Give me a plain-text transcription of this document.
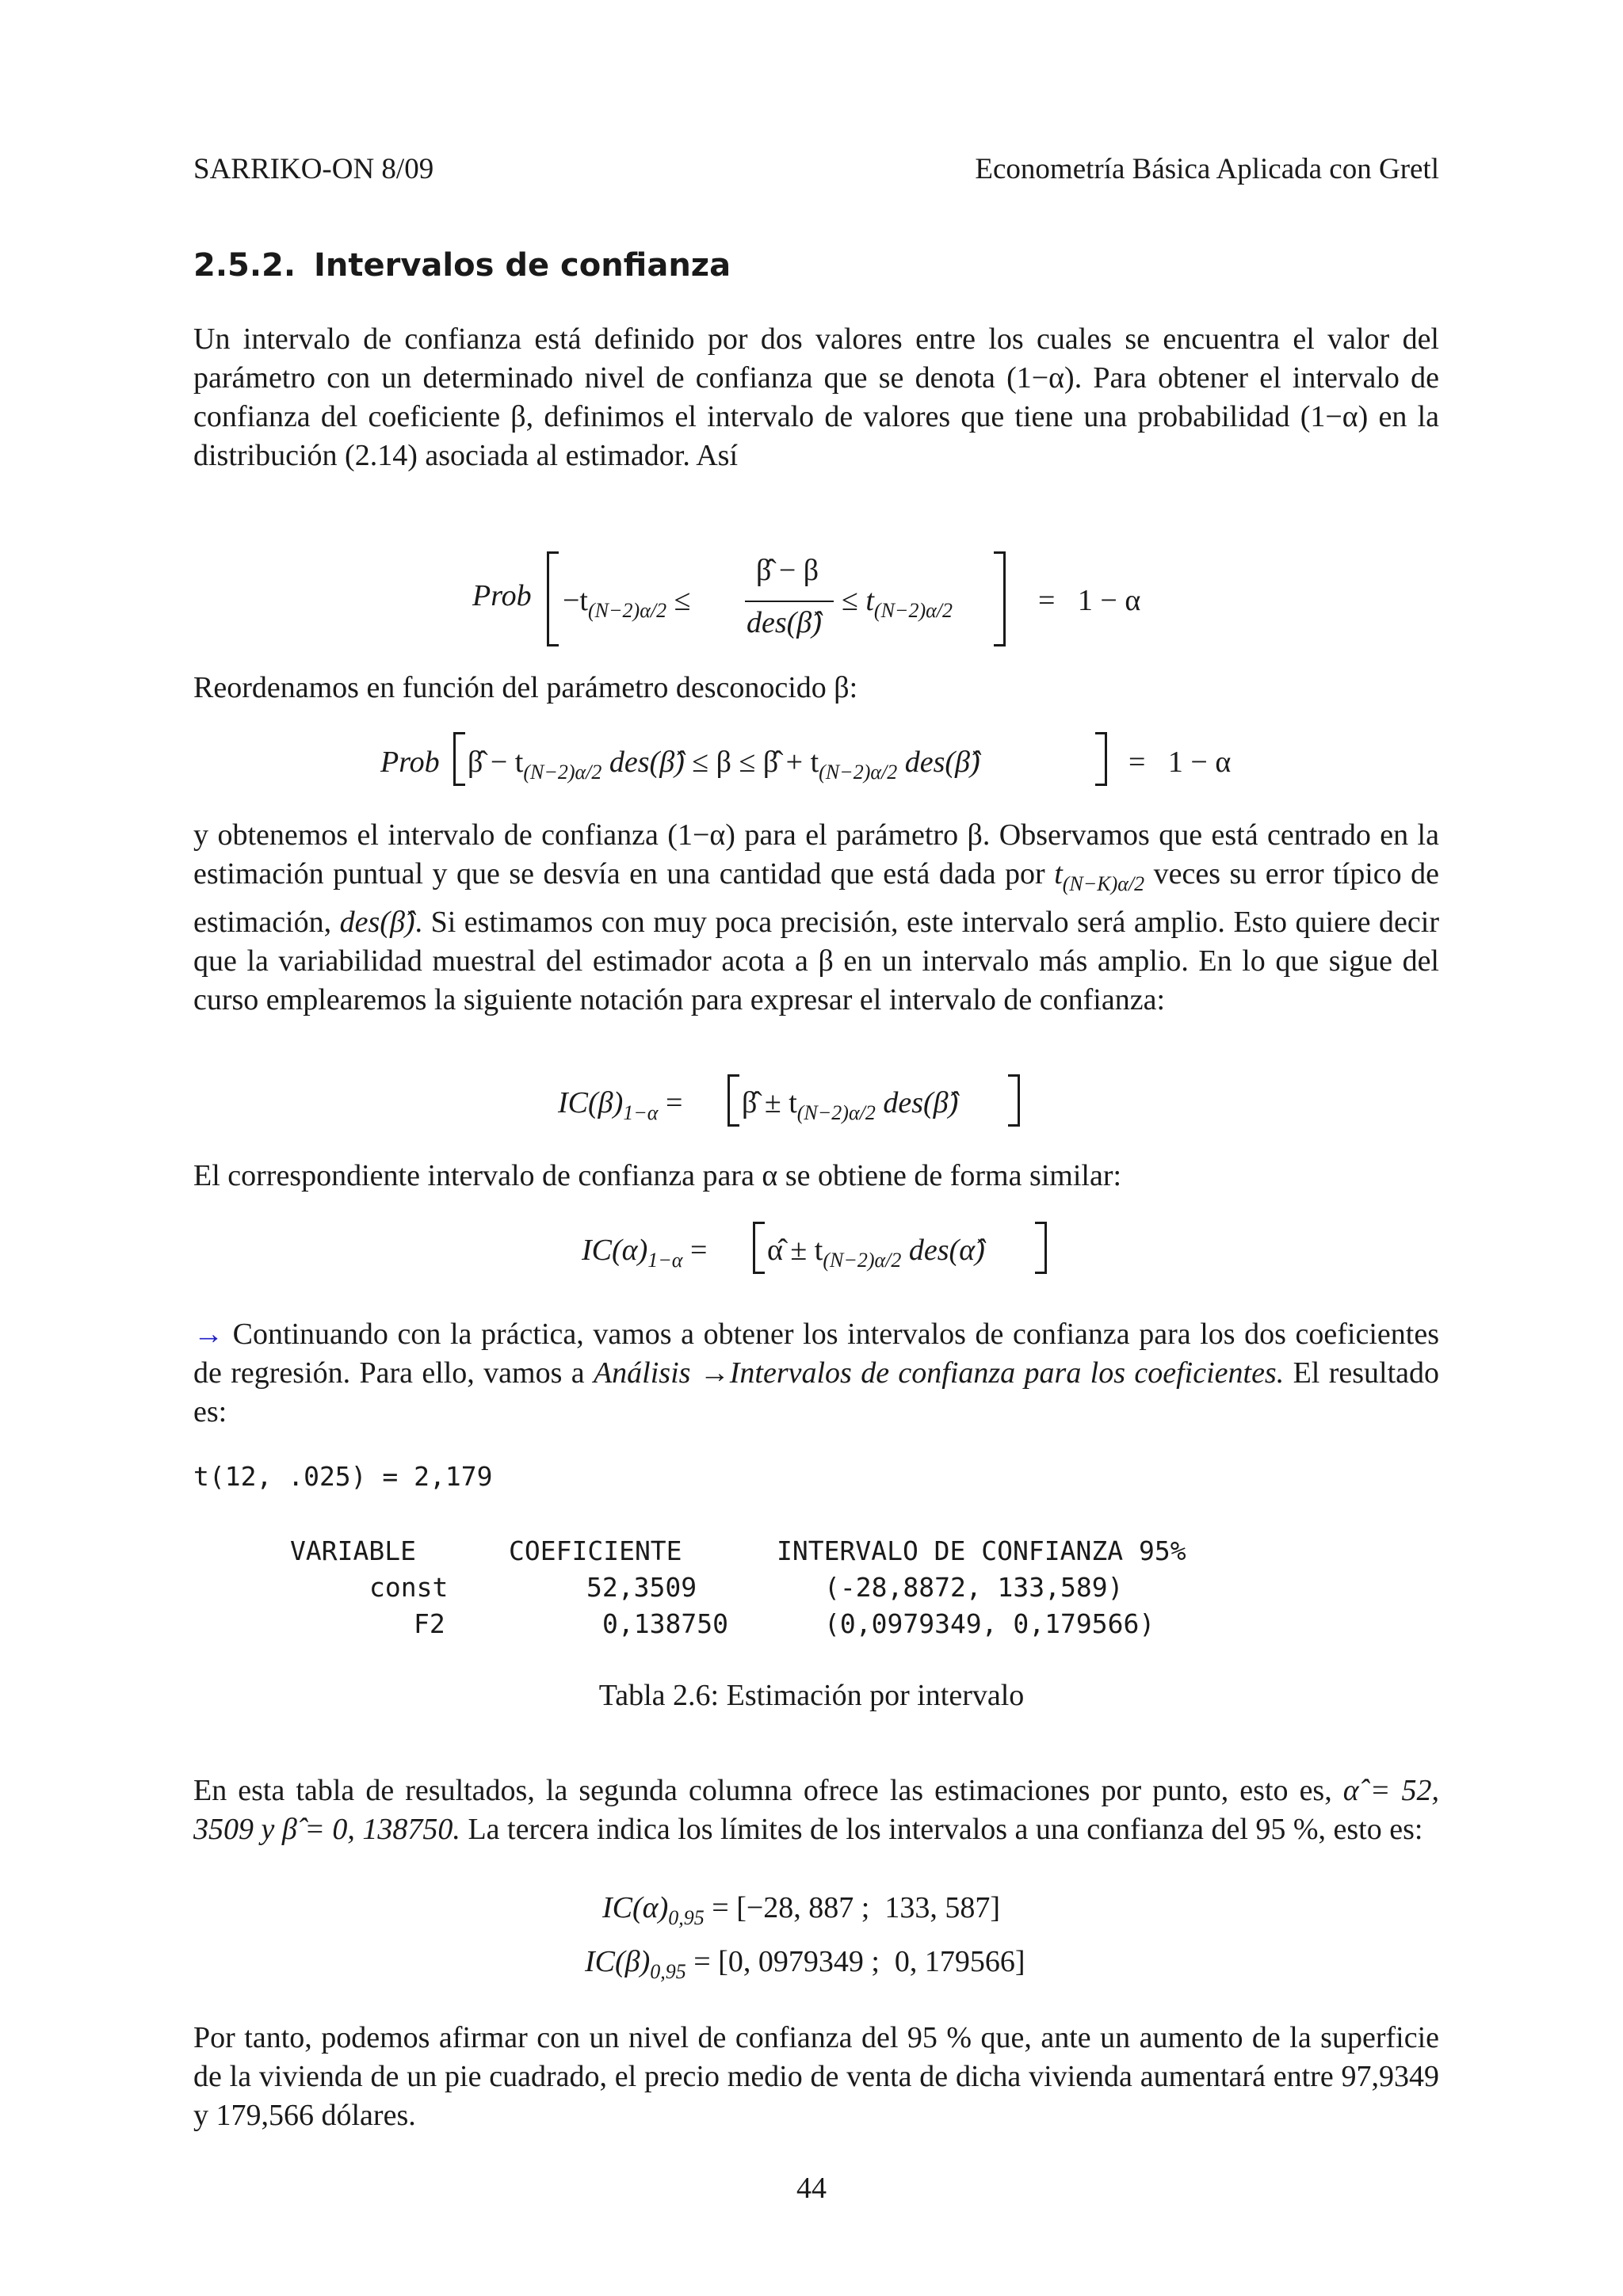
SARRIKO-ON 8/09	Econometría Básica Aplicada con Gretl
2.5.2. Intervalos de confianza
Un intervalo de confianza está definido por dos valores entre los cuales se encuentra el valor del parámetro con un determinado nivel de confianza que se denota (1−α). Para obtener el intervalo de confianza del coeficiente β, definimos el intervalo de valores que tiene una probabilidad (1−α) en la distribución (2.14) asociada al estimador. Así
Prob $-t_{(N-2)\alpha/2}$ ≤
β̂ − β
des(β̂)
≤ $t_{(N-2)\alpha/2}$	=   1 − α
Reordenamos en función del parámetro desconocido β:
Prob β̂ − $t_{(N-2)\alpha/2}$ des(β̂) ≤ β ≤ β̂ + $t_{(N-2)\alpha/2}$ des(β̂)	=   1 − α
y obtenemos el intervalo de confianza (1−α) para el parámetro β. Observamos que está centrado en la estimación puntual y que se desvía en una cantidad que está dada por $t_{(N-K)\alpha/2}$ veces su error típico de estimación, des(β̂). Si estimamos con muy poca precisión, este intervalo será amplio. Esto quiere decir que la variabilidad muestral del estimador acota a β en un intervalo más amplio. En lo que sigue del curso emplearemos la siguiente notación para expresar el intervalo de confianza:
$IC(\beta)_{1-\alpha}$ = β̂ ± $t_{(N-2)\alpha/2}$ des(β̂)
El correspondiente intervalo de confianza para α se obtiene de forma similar:
$IC(\alpha)_{1-\alpha}$ = α̂ ± $t_{(N-2)\alpha/2}$ des(α̂)
→ Continuando con la práctica, vamos a obtener los intervalos de confianza para los dos coeficientes de regresión. Para ello, vamos a Análisis →Intervalos de confianza para los coeficientes. El resultado es:
t(12, .025) = 2,179
VARIABLE	COEFICIENTE	INTERVALO DE CONFIANZA 95%
const	52,3509	(-28,8872, 133,589)
F2	0,138750	(0,0979349, 0,179566)
Tabla 2.6: Estimación por intervalo
En esta tabla de resultados, la segunda columna ofrece las estimaciones por punto, esto es, α̂ = 52, 3509 y β̂ = 0, 138750. La tercera indica los límites de los intervalos a una confianza del 95 %, esto es:
$IC(\alpha)_{0,95} = [-28$, 887 ;  133, 587]
$IC(\beta)_{0,95} = [0$, 0979349 ;  0, 179566]
Por tanto, podemos afirmar con un nivel de confianza del 95 % que, ante un aumento de la superficie de la vivienda de un pie cuadrado, el precio medio de venta de dicha vivienda aumentará entre 97,9349 y 179,566 dólares.
44
